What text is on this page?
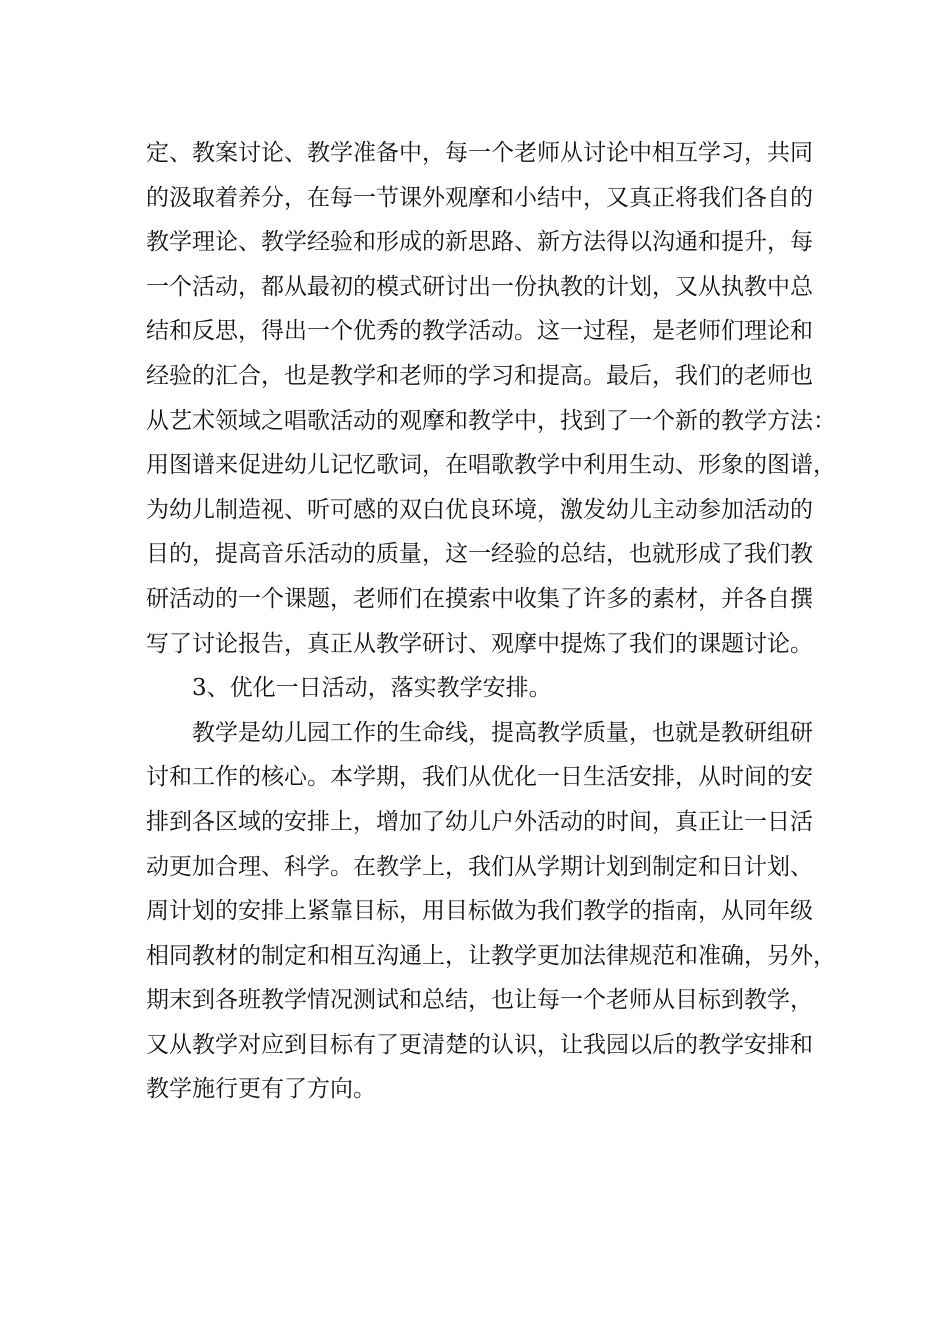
定、教案讨论、教学准备中，每一个老师从讨论中相互学习，共同
的汲取着养分，在每一节课外观摩和小结中，又真正将我们各自的
教学理论、教学经验和形成的新思路、新方法得以沟通和提升，每
一个活动，都从最初的模式研讨出一份执教的计划，又从执教中总
结和反思，得出一个优秀的教学活动。这一过程，是老师们理论和
经验的汇合，也是教学和老师的学习和提高。最后，我们的老师也
从艺术领域之唱歌活动的观摩和教学中，找到了一个新的教学方法：
用图谱来促进幼儿记忆歌词，在唱歌教学中利用生动、形象的图谱，
为幼儿制造视、听可感的双白优良环境，激发幼儿主动参加活动的
目的，提高音乐活动的质量，这一经验的总结，也就形成了我们教
研活动的一个课题，老师们在摸索中收集了许多的素材，并各自撰
写了讨论报告，真正从教学研讨、观摩中提炼了我们的课题讨论。
3、优化一日活动，落实教学安排。
教学是幼儿园工作的生命线，提高教学质量，也就是教研组研
讨和工作的核心。本学期，我们从优化一日生活安排，从时间的安
排到各区域的安排上，增加了幼儿户外活动的时间，真正让一日活
动更加合理、科学。在教学上，我们从学期计划到制定和日计划、
周计划的安排上紧靠目标，用目标做为我们教学的指南，从同年级
相同教材的制定和相互沟通上，让教学更加法律规范和准确，另外，
期末到各班教学情况测试和总结，也让每一个老师从目标到教学，
又从教学对应到目标有了更清楚的认识，让我园以后的教学安排和
教学施行更有了方向。
